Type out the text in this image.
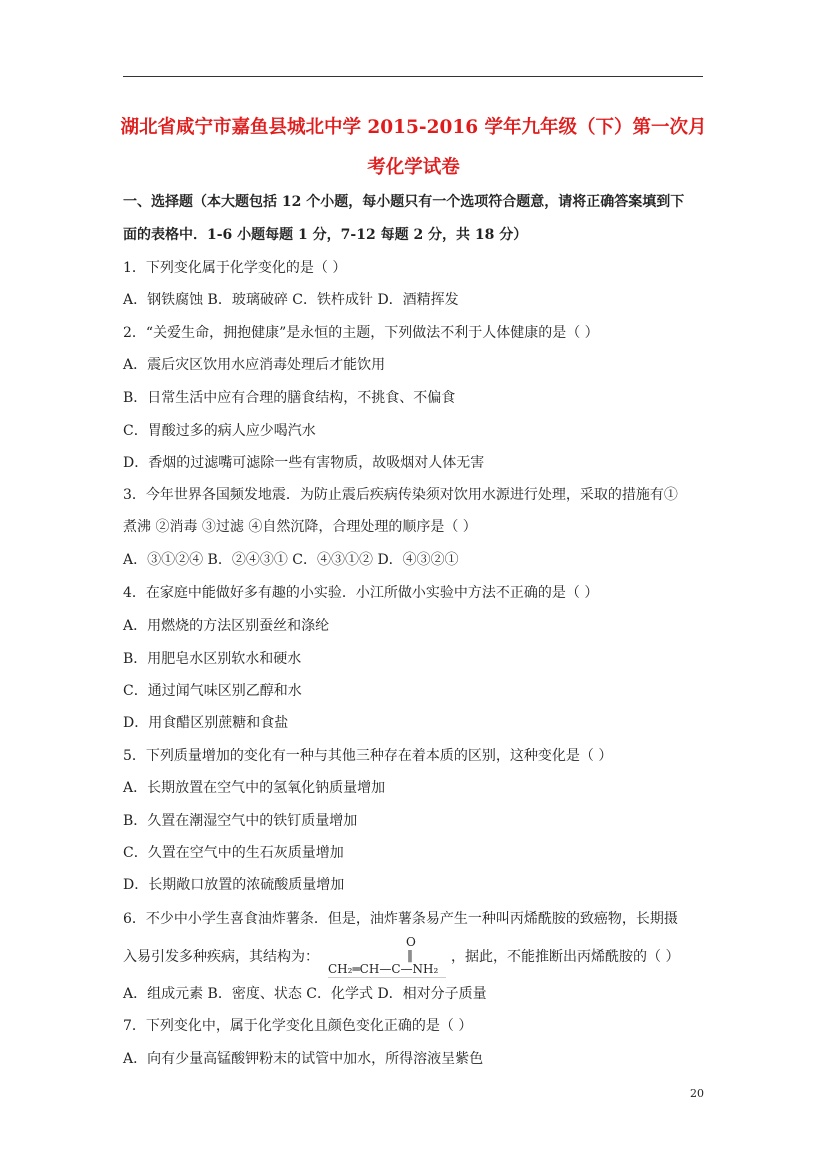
湖北省咸宁市嘉鱼县城北中学 2015-2016 学年九年级（下）第一次月
考化学试卷
一、选择题（本大题包括 12 个小题，每小题只有一个选项符合题意，请将正确答案填到下
面的表格中．1-6 小题每题 1 分，7-12 每题 2 分，共 18 分）
1．下列变化属于化学变化的是（ ）
A．钢铁腐蚀 B．玻璃破碎 C．铁杵成针 D．酒精挥发
2．“关爱生命，拥抱健康”是永恒的主题，下列做法不利于人体健康的是（ ）
A．震后灾区饮用水应消毒处理后才能饮用
B．日常生活中应有合理的膳食结构，不挑食、不偏食
C．胃酸过多的病人应少喝汽水
D．香烟的过滤嘴可滤除一些有害物质，故吸烟对人体无害
3．今年世界各国频发地震．为防止震后疾病传染须对饮用水源进行处理，采取的措施有①
煮沸 ②消毒 ③过滤 ④自然沉降，合理处理的顺序是（ ）
A．③①②④ B．②④③① C．④③①② D．④③②①
4．在家庭中能做好多有趣的小实验．小江所做小实验中方法不正确的是（ ）
A．用燃烧的方法区别蚕丝和涤纶
B．用肥皂水区别软水和硬水
C．通过闻气味区别乙醇和水
D．用食醋区别蔗糖和食盐
5．下列质量增加的变化有一种与其他三种存在着本质的区别，这种变化是（ ）
A．长期放置在空气中的氢氧化钠质量增加
B．久置在潮湿空气中的铁钉质量增加
C．久置在空气中的生石灰质量增加
D．长期敞口放置的浓硫酸质量增加
6．不少中小学生喜食油炸薯条．但是，油炸薯条易产生一种叫丙烯酰胺的致癌物，长期摄
入易引发多种疾病，其结构为：
O
‖
CH₂═CH—C—NH₂
，据此，不能推断出丙烯酰胺的（ ）
A．组成元素 B．密度、状态 C．化学式 D．相对分子质量
7．下列变化中，属于化学变化且颜色变化正确的是（ ）
A．向有少量高锰酸钾粉末的试管中加水，所得溶液呈紫色
20
